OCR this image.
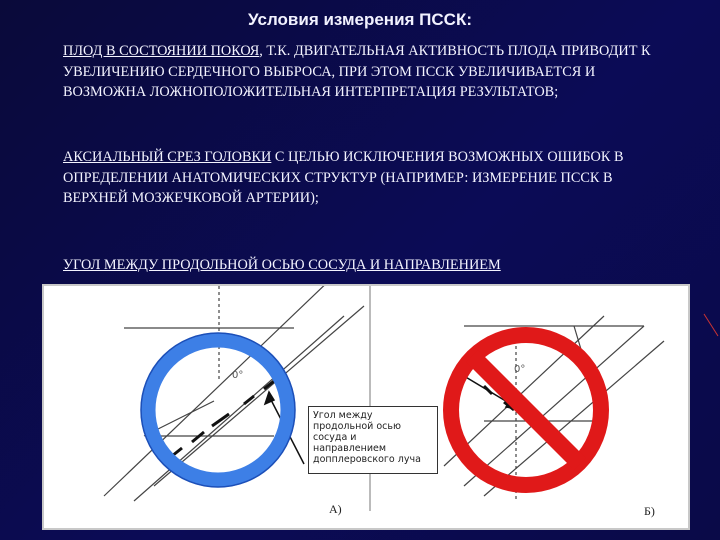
Условия измерения ПССК:
ПЛОД В СОСТОЯНИИ ПОКОЯ, Т.К. ДВИГАТЕЛЬНАЯ АКТИВНОСТЬ ПЛОДА ПРИВОДИТ К УВЕЛИЧЕНИЮ СЕРДЕЧНОГО ВЫБРОСА, ПРИ ЭТОМ ПССК УВЕЛИЧИВАЕТСЯ И ВОЗМОЖНА ЛОЖНОПОЛОЖИТЕЛЬНАЯ ИНТЕРПРЕТАЦИЯ РЕЗУЛЬТАТОВ;
АКСИАЛЬНЫЙ СРЕЗ ГОЛОВКИ С ЦЕЛЬЮ ИСКЛЮЧЕНИЯ ВОЗМОЖНЫХ ОШИБОК В ОПРЕДЕЛЕНИИ АНАТОМИЧЕСКИХ СТРУКТУР (НАПРИМЕР: ИЗМЕРЕНИЕ ПССК В ВЕРХНЕЙ МОЗЖЕЧКОВОЙ АРТЕРИИ);
УГОЛ МЕЖДУ ПРОДОЛЬНОЙ ОСЬЮ СОСУДА И НАПРАВЛЕНИЕМ
0°
0°
Угол между
продольной осью
сосуда и
направлением
допплеровского луча
А)	Б)
